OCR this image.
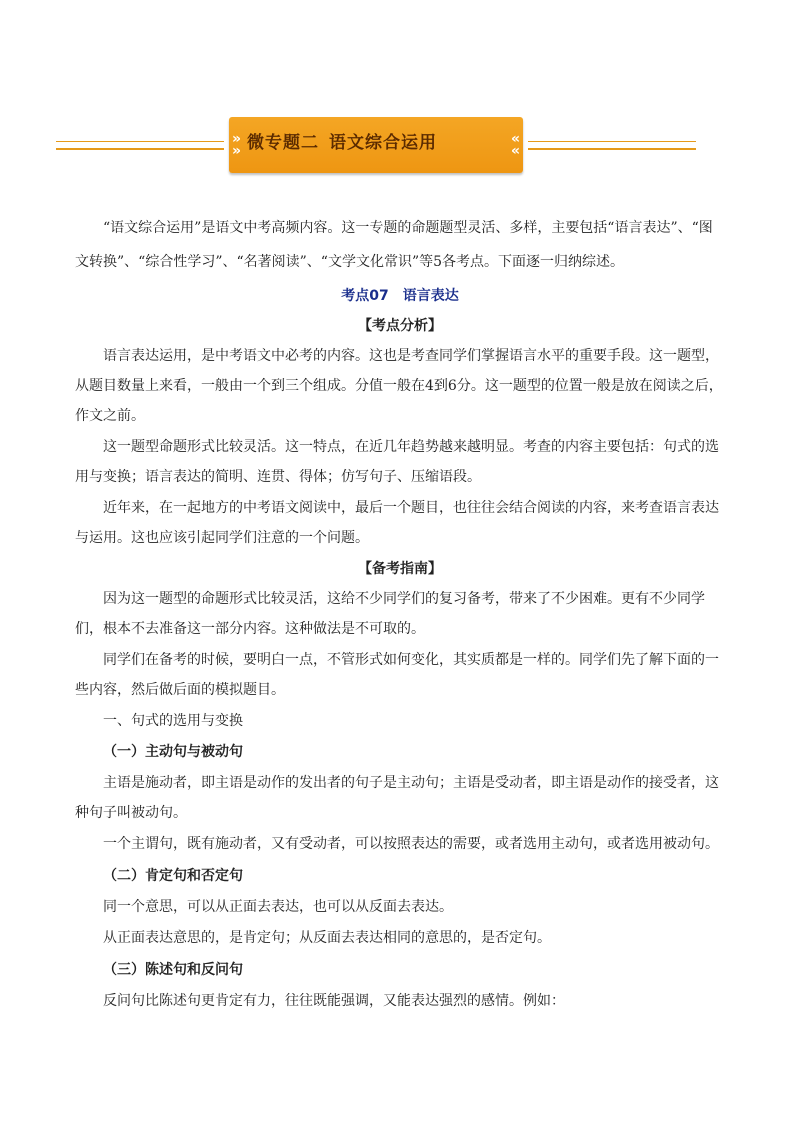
»
» 微专题二 语文综合运用	«
«

“语文综合运用”是语文中考高频内容。这一专题的命题题型灵活、多样，主要包括“语言表达”、“图文转换”、“综合性学习”、“名著阅读”、“文学文化常识”等5各考点。下面逐一归纳综述。

考点07　语言表达

【考点分析】

语言表达运用，是中考语文中必考的内容。这也是考查同学们掌握语言水平的重要手段。这一题型，从题目数量上来看，一般由一个到三个组成。分值一般在4到6分。这一题型的位置一般是放在阅读之后，作文之前。

这一题型命题形式比较灵活。这一特点，在近几年趋势越来越明显。考查的内容主要包括：句式的选用与变换；语言表达的简明、连贯、得体；仿写句子、压缩语段。

近年来，在一起地方的中考语文阅读中，最后一个题目，也往往会结合阅读的内容，来考查语言表达与运用。这也应该引起同学们注意的一个问题。

【备考指南】

因为这一题型的命题形式比较灵活，这给不少同学们的复习备考，带来了不少困难。更有不少同学们，根本不去准备这一部分内容。这种做法是不可取的。

同学们在备考的时候，要明白一点，不管形式如何变化，其实质都是一样的。同学们先了解下面的一些内容，然后做后面的模拟题目。

一、句式的选用与变换

（一）主动句与被动句

主语是施动者，即主语是动作的发出者的句子是主动句；主语是受动者，即主语是动作的接受者，这种句子叫被动句。

一个主谓句，既有施动者，又有受动者，可以按照表达的需要，或者选用主动句，或者选用被动句。

（二）肯定句和否定句

同一个意思，可以从正面去表达，也可以从反面去表达。

从正面表达意思的，是肯定句；从反面去表达相同的意思的，是否定句。

（三）陈述句和反问句

反问句比陈述句更肯定有力，往往既能强调，又能表达强烈的感情。例如：
